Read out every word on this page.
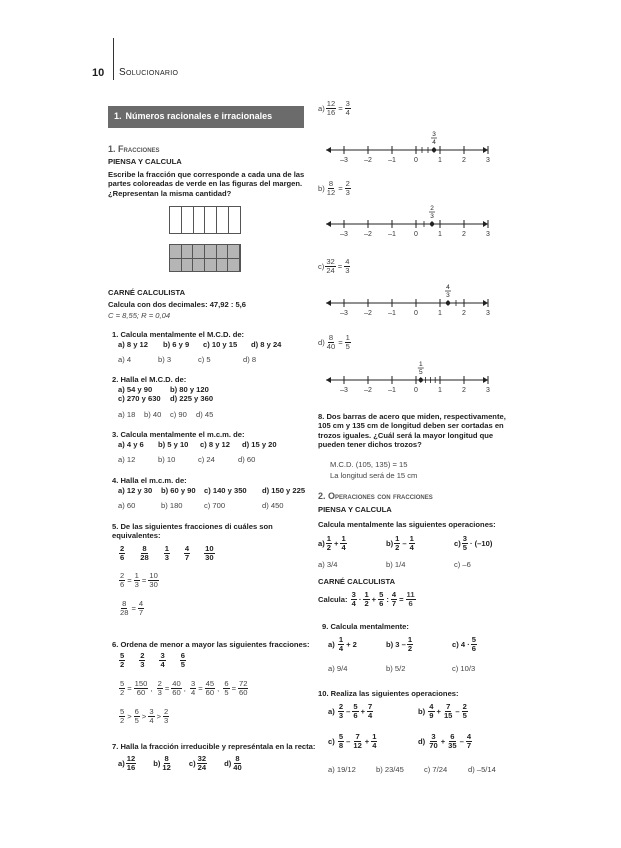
10 Solucionario
1. Números racionales e irracionales
1. Fracciones
PIENSA Y CALCULA
Escribe la fracción que corresponde a cada una de las partes coloreadas de verde en las figuras del margen. ¿Representan la misma cantidad?
CARNÉ CALCULISTA
Calcula con dos decimales: 47,92 : 5,6
C = 8,55; R = 0,04
1. Calcula mentalmente el M.C.D. de:
a) 8 y 12 b) 6 y 9 c) 10 y 15 d) 8 y 24
a) 4	b) 3	c) 5	d) 8
2. Halla el M.C.D. de:
a) 54 y 90 b) 80 y 120
c) 270 y 630 d) 225 y 360
a) 18 b) 40 c) 90 d) 45
3. Calcula mentalmente el m.c.m. de:
a) 4 y 6 b) 5 y 10 c) 8 y 12 d) 15 y 20
a) 12	b) 10	c) 24	d) 60
4. Halla el m.c.m. de:
a) 12 y 30 b) 60 y 90 c) 140 y 350 d) 150 y 225
a) 60	b) 180	c) 700	d) 450
5. De las siguientes fracciones di cuáles son equivalentes:
$\frac{2}{6} \frac{8}{28} \frac{1}{3} \frac{4}{7} \frac{10}{30}$
$\frac{2}{6} = \frac{1}{3} = \frac{10}{30}$
$\frac{8}{28} = \frac{4}{7}$
6. Ordena de menor a mayor las siguientes fracciones:
$\frac{5}{2} \frac{2}{3} \frac{3}{4} \frac{6}{5}$
$\frac{5}{2} = \frac{150}{60}$ , $\frac{2}{3} = \frac{40}{60}$ , $\frac{3}{4} = \frac{45}{60}$ , $\frac{6}{5} = \frac{72}{60}$
$\frac{5}{2} > \frac{6}{5} > \frac{3}{4} > \frac{2}{3}$
7. Halla la fracción irreducible y represéntala en la recta:
$a) \frac{12}{16} b) \frac{8}{12} c) \frac{32}{24} d) \frac{8}{40}$
$a) \frac{12}{16} = \frac{3}{4}$
–3 –2 –1	0	1	2	3
3
4
$b) \frac{8}{12} = \frac{2}{3}$
–3 –2 –1	0	1	2	3
2
3
$c) \frac{32}{24} = \frac{4}{3}$
–3 –2 –1	0	1	2	3
4
3
$d) \frac{8}{40} = \frac{1}{5}$
–3 –2 –1	0	1	2	3
1
5
8. Dos barras de acero que miden, respectivamente, 105 cm y 135 cm de longitud deben ser cortadas en trozos iguales. ¿Cuál será la mayor longitud que pueden tener dichos trozos?
M.C.D. (105, 135) = 15
La longitud será de 15 cm
2. Operaciones con fracciones
PIENSA Y CALCULA
Calcula mentalmente las siguientes operaciones:
$a) \frac{1}{2} + \frac{1}{4}$	$b) \frac{1}{2} - \frac{1}{4}$	$c) \frac{3}{5} \cdot (-10)$
a) 3/4	b) 1/4	c) –6
CARNÉ CALCULISTA
Calcula: $\frac{3}{4} \cdot \frac{1}{2} + \frac{5}{6}$ : $\frac{4}{7} = \frac{11}{6}$
9. Calcula mentalmente:
$a) \frac{1}{4} + 2$	b) $3 - \frac{1}{2}$	c) $4 \cdot \frac{5}{6}$
a) 9/4	b) 5/2	c) 10/3
10. Realiza las siguientes operaciones:
$a) \frac{2}{3} - \frac{5}{6} + \frac{7}{4}$	$b) \frac{4}{9} + \frac{7}{15} - \frac{2}{5}$
$c) \frac{5}{8} - \frac{7}{12} + \frac{1}{4}$	$d) \frac{3}{70} + \frac{6}{35} - \frac{4}{7}$
a) 19/12	b) 23/45	c) 7/24	d) –5/14
